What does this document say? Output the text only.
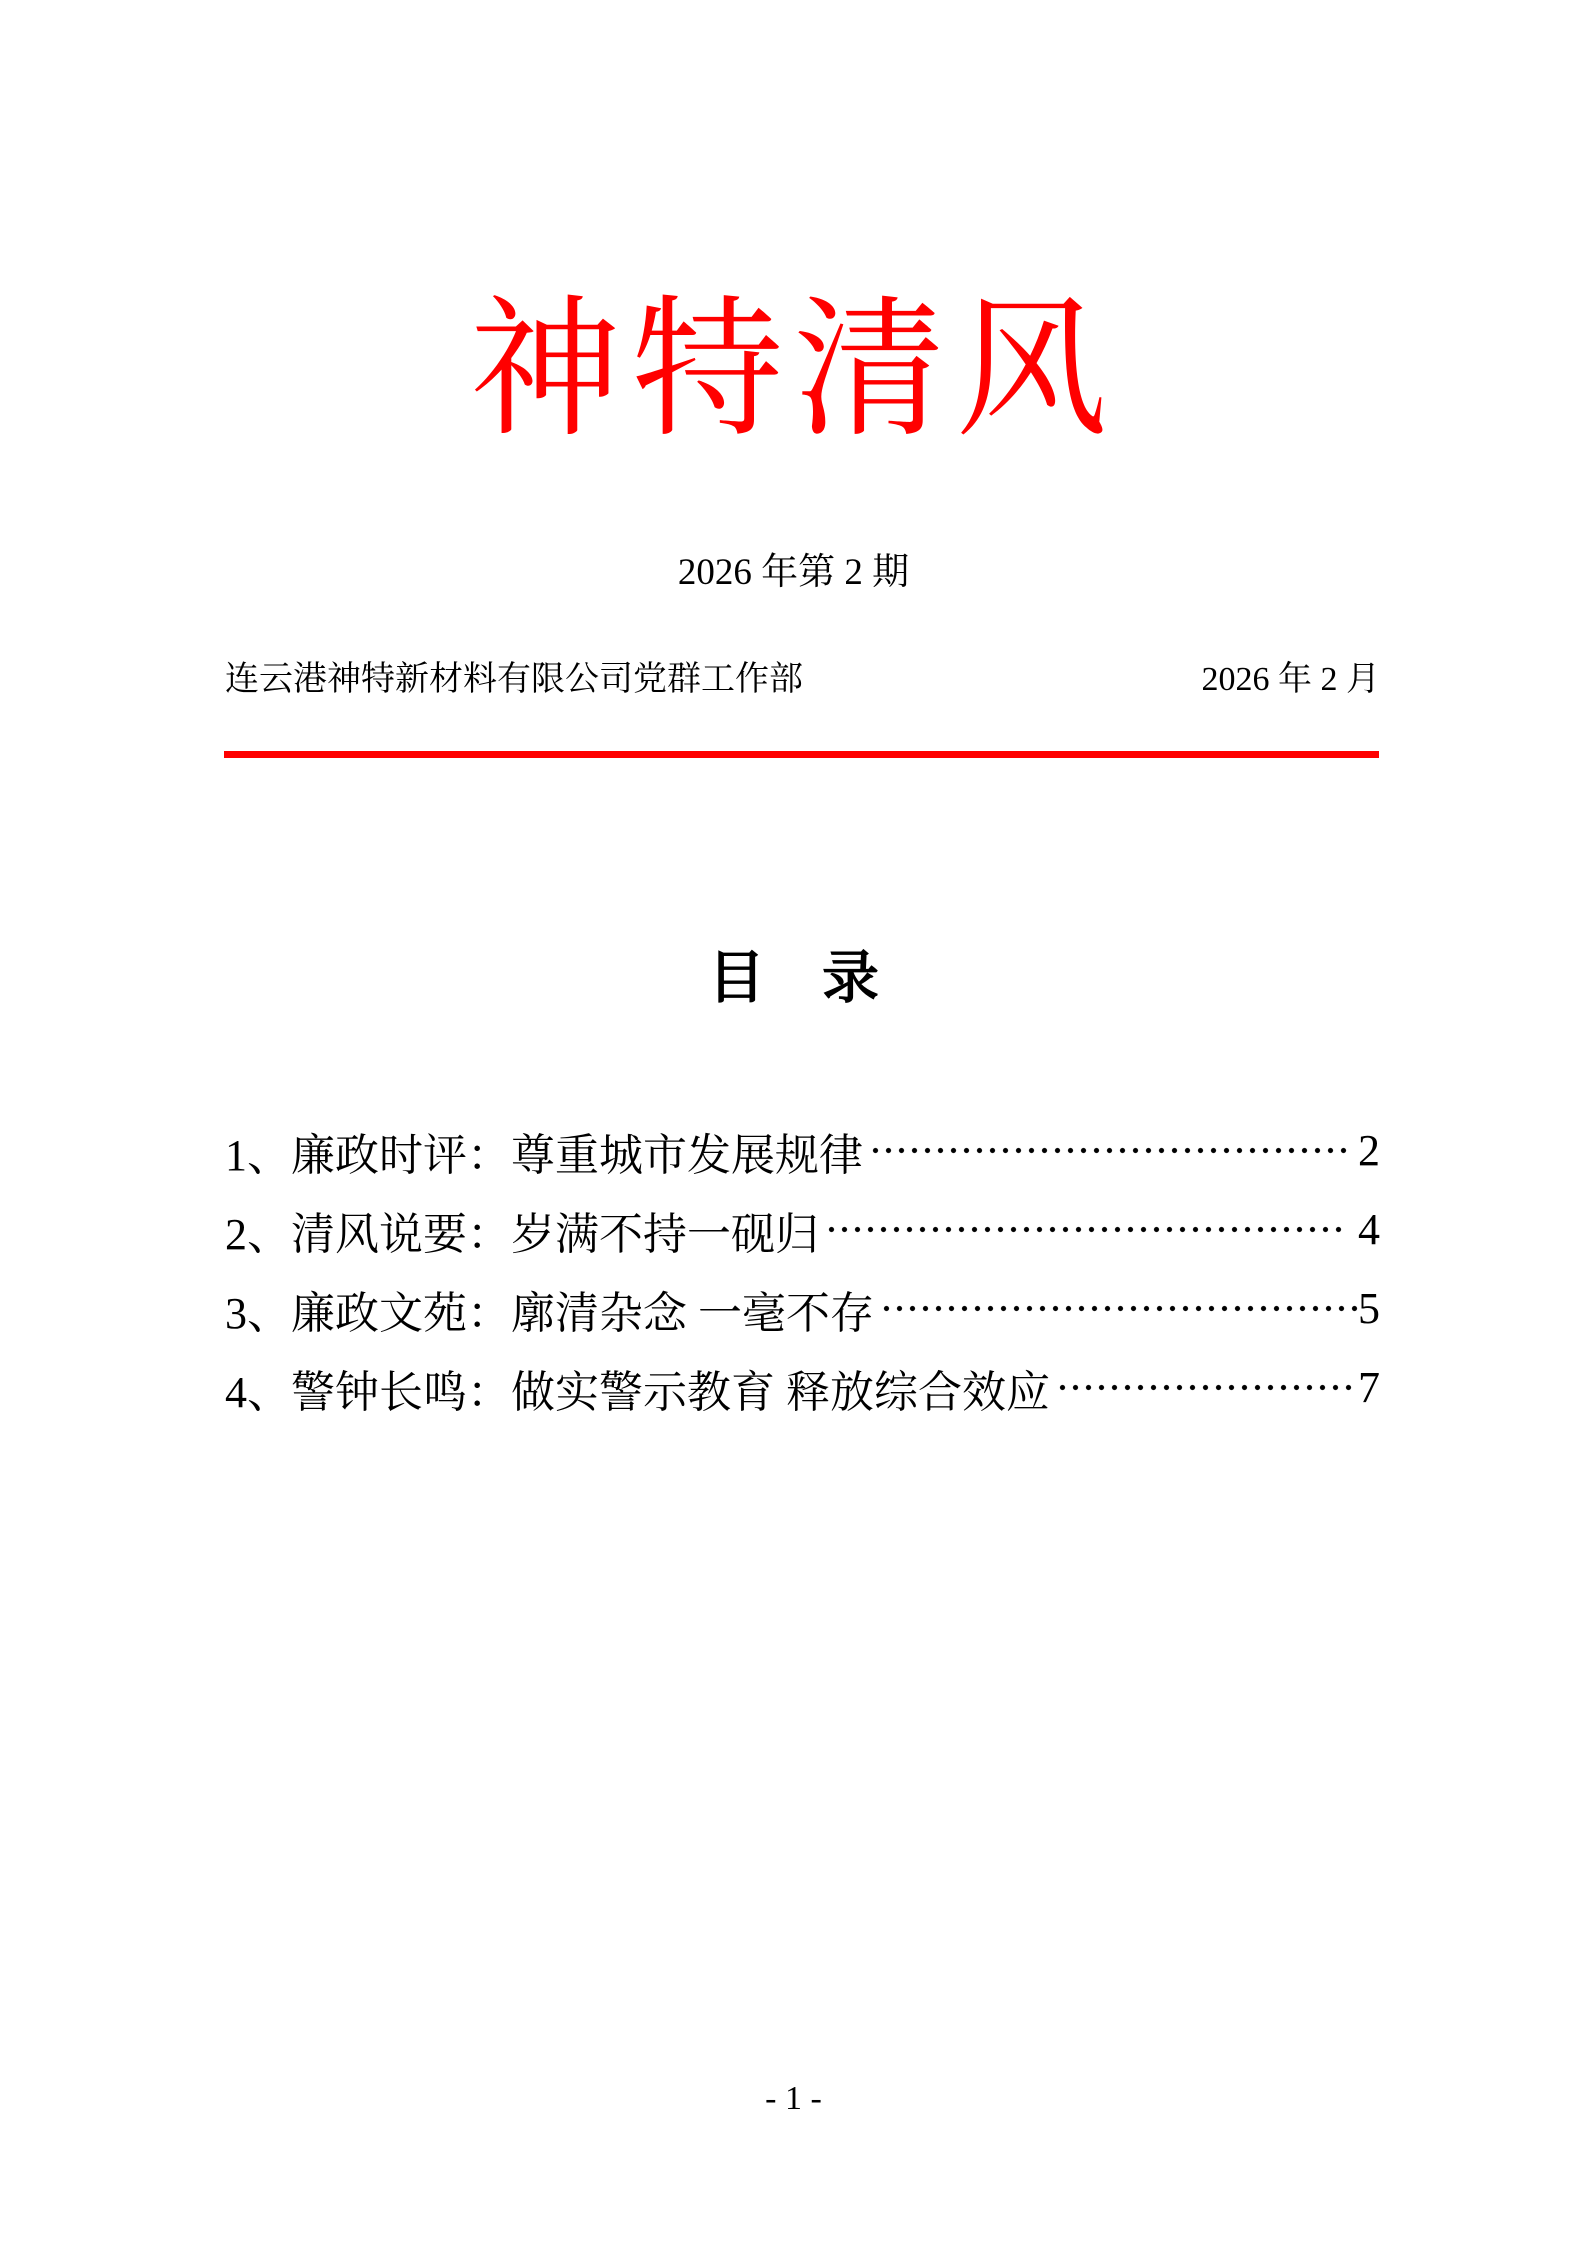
神特清风
2026 年第 2 期
连云港神特新材料有限公司党群工作部	2026 年 2 月
目　录
1、廉政时评：尊重城市发展规律	2
2、清风说要：岁满不持一砚归	4
3、廉政文苑：廓清杂念 一毫不存	5
4、警钟长鸣：做实警示教育 释放综合效应	7
- 1 -
